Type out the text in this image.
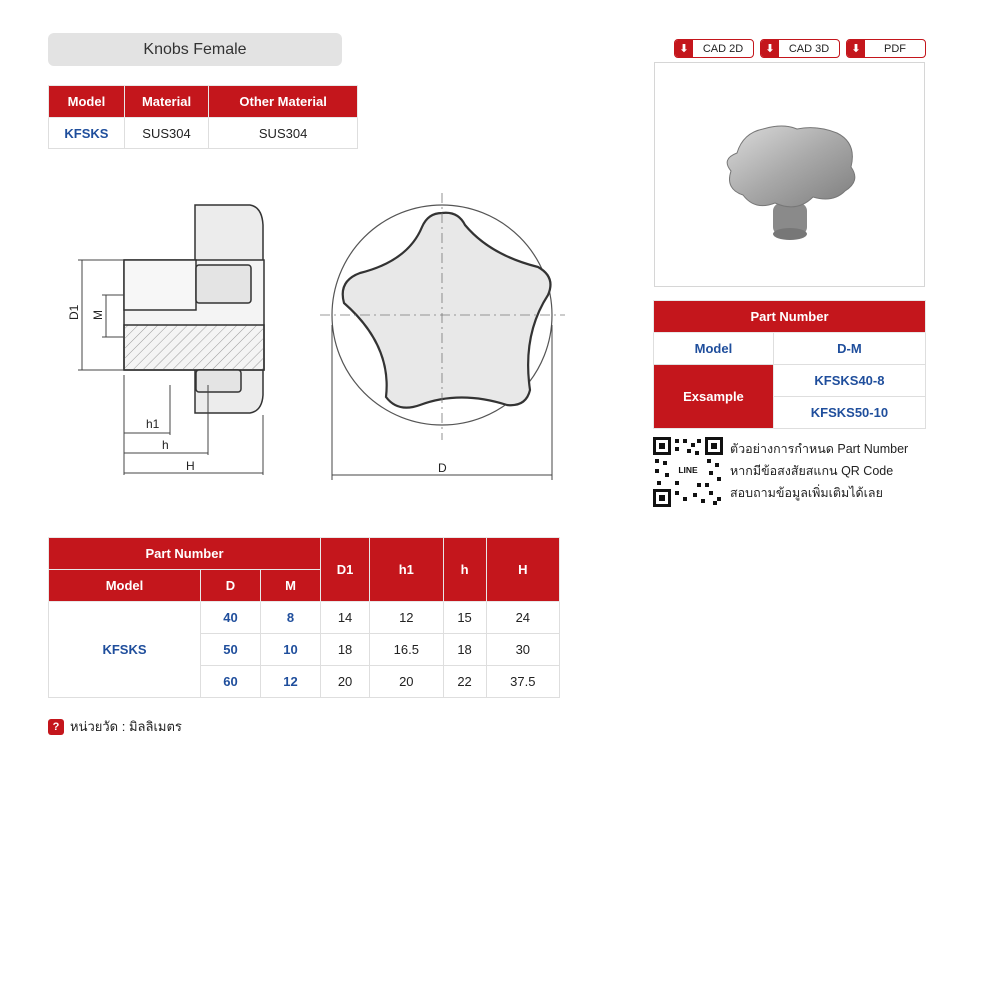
Knobs Female	⬇	CAD 2D	⬇	CAD 3D	⬇	PDF
Model	Material	Other Material
KFSKS	SUS304	SUS304
D1 M
h1
h
H	D
Part Number	
Model	D-M
Exsample	KFSKS40-8
	KFSKS50-10
LINE
ตัวอย่างการกำหนด Part Number
หากมีข้อสงสัยสแกน QR Code
สอบถามข้อมูลเพิ่มเติมได้เลย
Part Number			D1	h1	h	H
Model	D	M				
KFSKS	40	8	14	12	15	24
	50	10	18	16.5	18	30
	60	12	20	20	22	37.5
? หน่วยวัด : มิลลิเมตร
